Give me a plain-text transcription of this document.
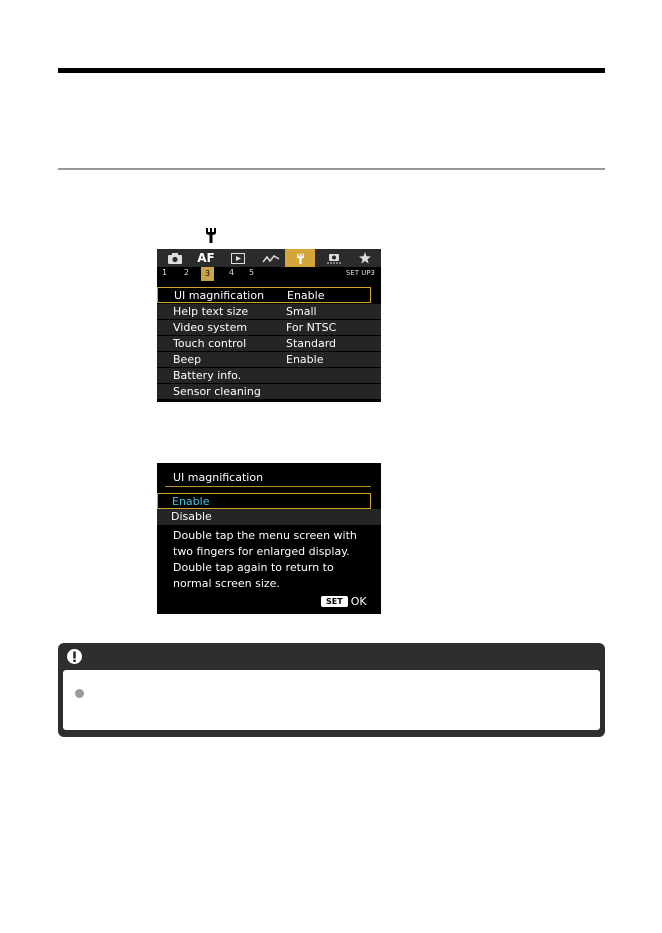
AF
1 2	3	4 5	SET UP3
UI magnification Enable
Help text size	Small
Video system	For NTSC
Touch control	Standard
Beep	Enable
Battery info.
Sensor cleaning
UI magnification
Enable
Disable
Double tap the menu screen with
two fingers for enlarged display.
Double tap again to return to
normal screen size.
SET OK
